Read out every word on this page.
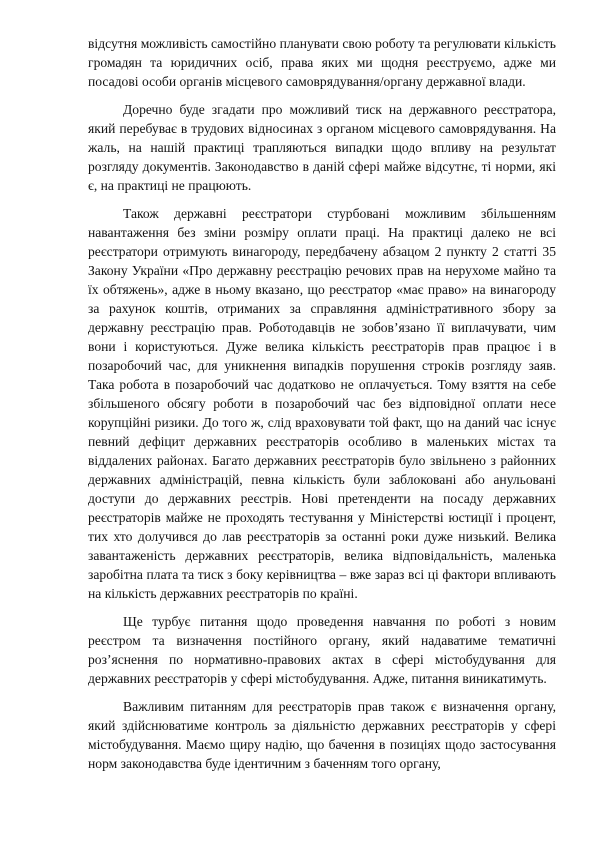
відсутня можливість самостійно планувати свою роботу та регулювати кількість громадян та юридичних осіб, права яких ми щодня реєструємо, адже ми посадові особи органів місцевого самоврядування/органу державної влади.

Доречно буде згадати про можливий тиск на державного реєстратора, який перебуває в трудових відносинах з органом місцевого самоврядування. На жаль, на нашій практиці трапляються випадки щодо впливу на результат розгляду документів. Законодавство в даній сфері майже відсутнє, ті норми, які є, на практиці не працюють.

Також державні реєстратори стурбовані можливим збільшенням навантаження без зміни розміру оплати праці. На практиці далеко не всі реєстратори отримують винагороду, передбачену абзацом 2 пункту 2 статті 35 Закону України «Про державну реєстрацію речових прав на нерухоме майно та їх обтяжень», адже в ньому вказано, що реєстратор «має право» на винагороду за рахунок коштів, отриманих за справляння адміністративного збору за державну реєстрацію прав. Роботодавців не зобов’язано її виплачувати, чим вони і користуються. Дуже велика кількість реєстраторів прав працює і в позаробочий час, для уникнення випадків порушення строків розгляду заяв. Така робота в позаробочий час додатково не оплачується. Тому взяття на себе збільшеного обсягу роботи в позаробочий час без відповідної оплати несе корупційні ризики. До того ж, слід враховувати той факт, що на даний час існує певний дефіцит державних реєстраторів особливо в маленьких містах та віддалених районах. Багато державних реєстраторів було звільнено з районних державних адміністрацій, певна кількість були заблоковані або анульовані доступи до державних реєстрів. Нові претенденти на посаду державних реєстраторів майже не проходять тестування у Міністерстві юстиції і процент, тих хто долучився до лав реєстраторів за останні роки дуже низький. Велика завантаженість державних реєстраторів, велика відповідальність, маленька заробітна плата та тиск з боку керівництва – вже зараз всі ці фактори впливають на кількість державних реєстраторів по країні.

Ще турбує питання щодо проведення навчання по роботі з новим реєстром та визначення постійного органу, який надаватиме тематичні роз’яснення по нормативно-правових актах в сфері містобудування для державних реєстраторів у сфері містобудування. Адже, питання виникатимуть.

Важливим питанням для реєстраторів прав також є визначення органу, який здійснюватиме контроль за діяльністю державних реєстраторів у сфері містобудування. Маємо щиру надію, що бачення в позиціях щодо застосування норм законодавства буде ідентичним з баченням того органу,
